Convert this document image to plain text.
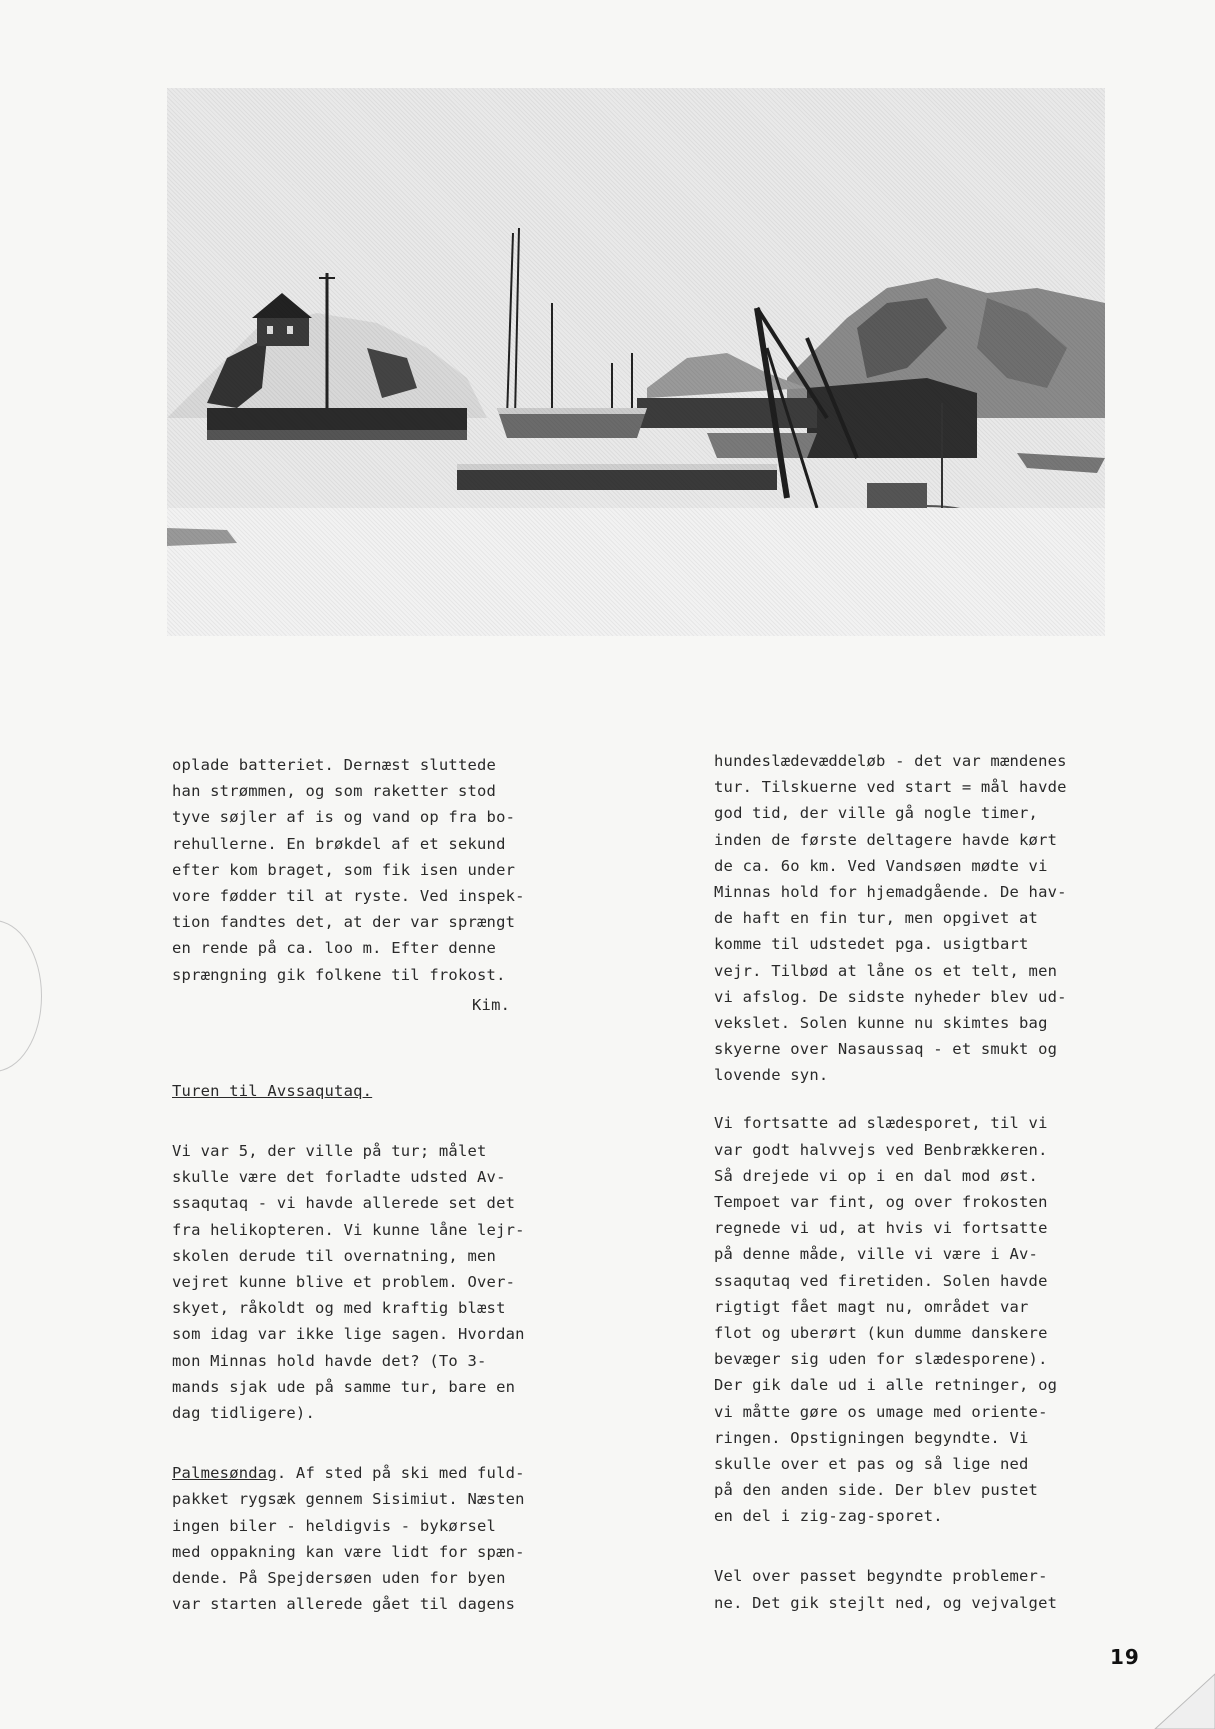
oplade batteriet. Dernæst sluttede
han strømmen, og som raketter stod
tyve søjler af is og vand op fra bo-
rehullerne. En brøkdel af et sekund
efter kom braget, som fik isen under
vore fødder til at ryste. Ved inspek-
tion fandtes det, at der var sprængt
en rende på ca. loo m. Efter denne
sprængning gik folkene til frokost.
Kim.
Turen til Avssaqutaq.
Vi var 5, der ville på tur; målet
skulle være det forladte udsted Av-
ssaqutaq - vi havde allerede set det
fra helikopteren. Vi kunne låne lejr-
skolen derude til overnatning, men
vejret kunne blive et problem. Over-
skyet, råkoldt og med kraftig blæst
som idag var ikke lige sagen. Hvordan
mon Minnas hold havde det? (To 3-
mands sjak ude på samme tur, bare en
dag tidligere).
Palmesøndag. Af sted på ski med fuld-
pakket rygsæk gennem Sisimiut. Næsten
ingen biler - heldigvis - bykørsel
med oppakning kan være lidt for spæn-
dende. På Spejdersøen uden for byen
var starten allerede gået til dagens
hundeslædevæddeløb - det var mændenes
tur. Tilskuerne ved start = mål havde
god tid, der ville gå nogle timer,
inden de første deltagere havde kørt
de ca. 6o km. Ved Vandsøen mødte vi
Minnas hold for hjemadgående. De hav-
de haft en fin tur, men opgivet at
komme til udstedet pga. usigtbart
vejr. Tilbød at låne os et telt, men
vi afslog. De sidste nyheder blev ud-
vekslet. Solen kunne nu skimtes bag
skyerne over Nasaussaq - et smukt og
lovende syn.
Vi fortsatte ad slædesporet, til vi
var godt halvvejs ved Benbrækkeren.
Så drejede vi op i en dal mod øst.
Tempoet var fint, og over frokosten
regnede vi ud, at hvis vi fortsatte
på denne måde, ville vi være i Av-
ssaqutaq ved firetiden. Solen havde
rigtigt fået magt nu, området var
flot og uberørt (kun dumme danskere
bevæger sig uden for slædesporene).
Der gik dale ud i alle retninger, og
vi måtte gøre os umage med oriente-
ringen. Opstigningen begyndte. Vi
skulle over et pas og så lige ned
på den anden side. Der blev pustet
en del i zig-zag-sporet.
Vel over passet begyndte problemer-
ne. Det gik stejlt ned, og vejvalget
19
